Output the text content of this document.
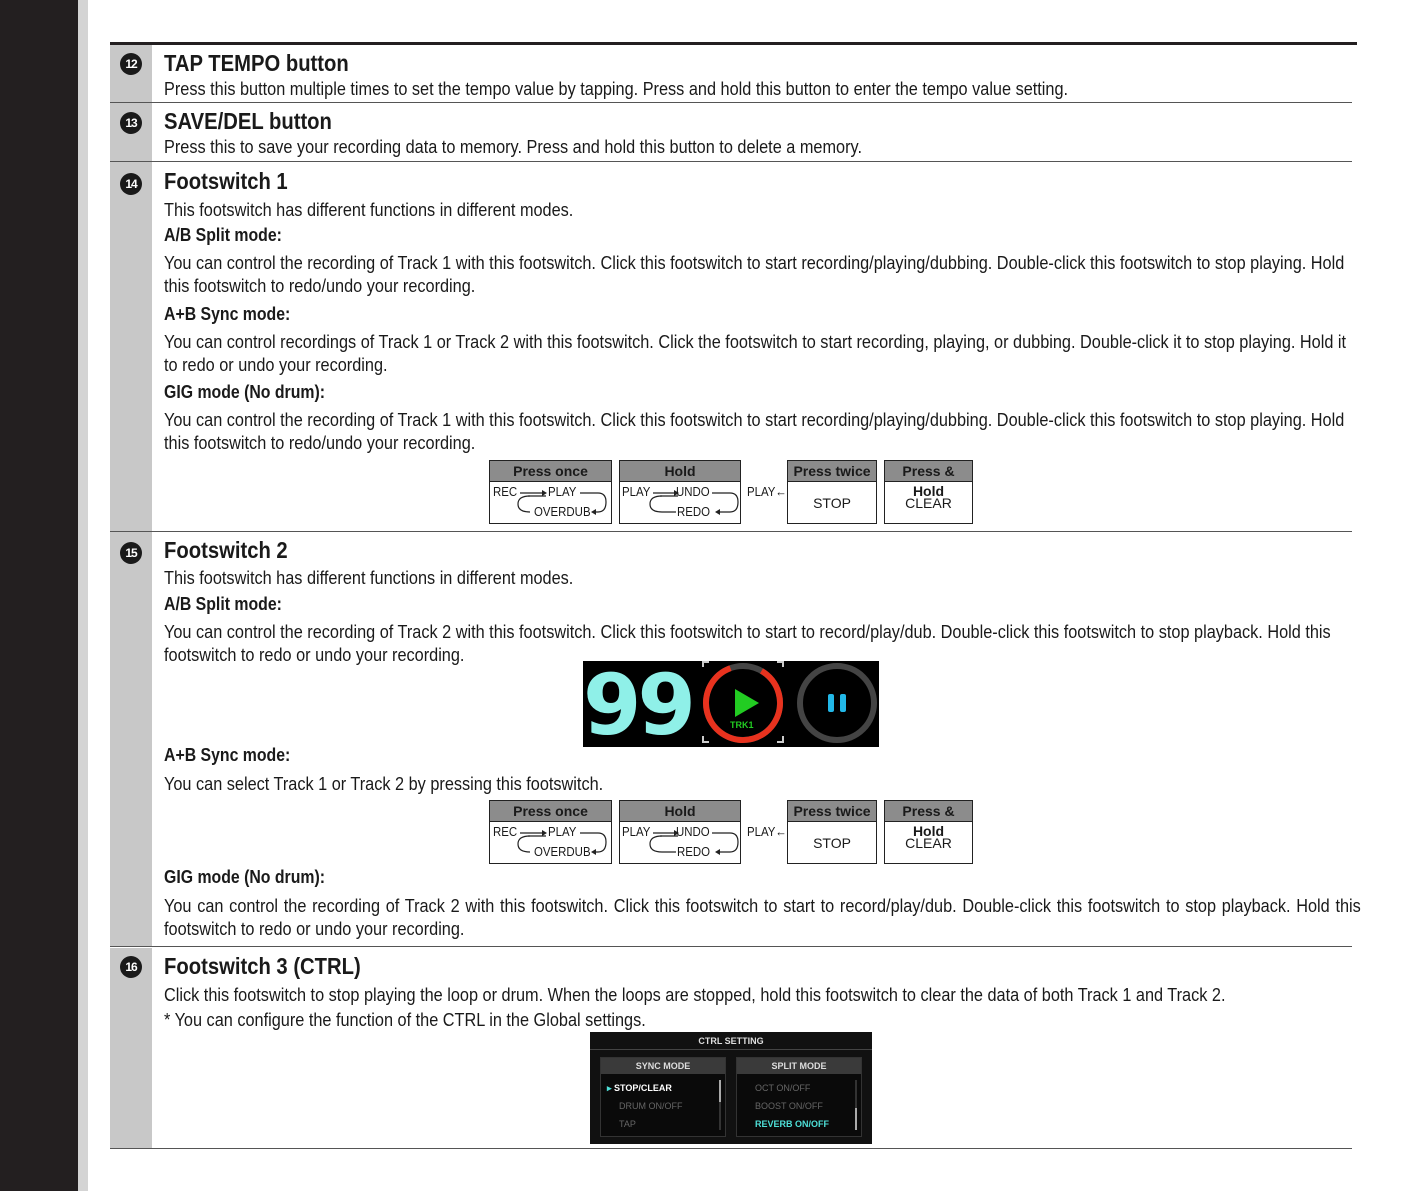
12 TAP TEMPO button
Press this button multiple times to set the tempo value by tapping. Press and hold this button to enter the tempo value setting.
13 SAVE/DEL button
Press this to save your recording data to memory. Press and hold this button to delete a memory.
14 Footswitch 1
This footswitch has different functions in different modes.
A/B Split mode:
You can control the recording of Track 1 with this footswitch. Click this footswitch to start recording/playing/dubbing. Double-click this footswitch to stop playing. Hold this footswitch to redo/undo your recording.
A+B Sync mode:
You can control recordings of Track 1 or Track 2 with this footswitch. Click the footswitch to start recording, playing, or dubbing. Double-click it to stop playing. Hold it to redo or undo your recording.
GIG mode (No drum):
You can control the recording of Track 1 with this footswitch. Click this footswitch to start recording/playing/dubbing. Double-click this footswitch to stop playing. Hold this footswitch to redo/undo your recording.
Press once
REC PLAY
OVERDUB
Hold
PLAY UNDO
REDO
PLAY←
Press twice
STOP
Press & Hold
CLEAR
15 Footswitch 2
This footswitch has different functions in different modes.
A/B Split mode:
You can control the recording of Track 2 with this footswitch. Click this footswitch to start to record/play/dub. Double-click this footswitch to stop playback. Hold this footswitch to redo or undo your recording.
A+B Sync mode:
You can select Track 1 or Track 2 by pressing this footswitch.
GIG mode (No drum):
You can control the recording of Track 2 with this footswitch. Click this footswitch to start to record/play/dub. Double-click this footswitch to stop playback. Hold this footswitch to redo or undo your recording.
99	TRK1
Press once
REC PLAY
OVERDUB
Hold
PLAY UNDO
REDO
PLAY←
Press twice
STOP
Press & Hold
CLEAR
16 Footswitch 3 (CTRL)
Click this footswitch to stop playing the loop or drum. When the loops are stopped, hold this footswitch to clear the data of both Track 1 and Track 2.
* You can configure the function of the CTRL in the Global settings.
CTRL SETTING
SYNC MODE
▸ STOP/CLEAR
DRUM ON/OFF
TAP
SPLIT MODE
OCT ON/OFF
BOOST ON/OFF
REVERB ON/OFF
